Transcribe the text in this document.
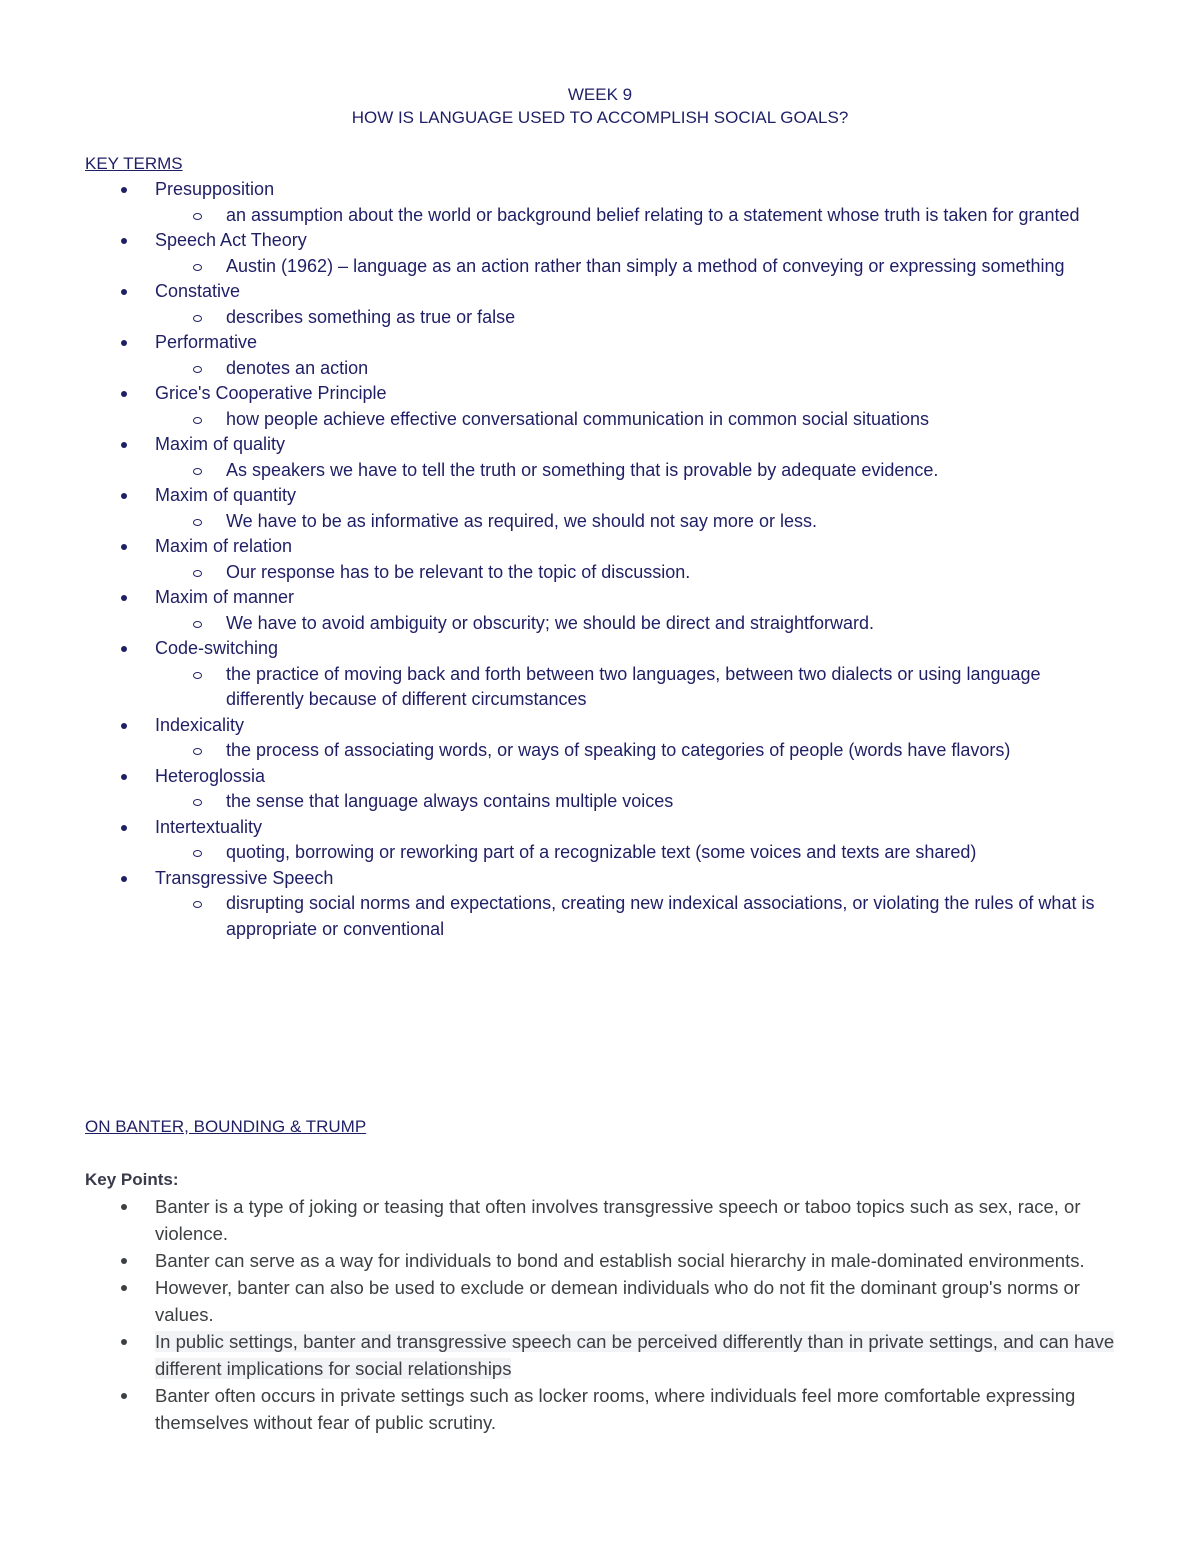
WEEK 9
HOW IS LANGUAGE USED TO ACCOMPLISH SOCIAL GOALS?
KEY TERMS
Presupposition
an assumption about the world or background belief relating to a statement whose truth is taken for granted
Speech Act Theory
Austin (1962) – language as an action rather than simply a method of conveying or expressing something
Constative
describes something as true or false
Performative
denotes an action
Grice's Cooperative Principle
how people achieve effective conversational communication in common social situations
Maxim of quality
As speakers we have to tell the truth or something that is provable by adequate evidence.
Maxim of quantity
We have to be as informative as required, we should not say more or less.
Maxim of relation
Our response has to be relevant to the topic of discussion.
Maxim of manner
We have to avoid ambiguity or obscurity; we should be direct and straightforward.
Code-switching
the practice of moving back and forth between two languages, between two dialects or using language differently because of different circumstances
Indexicality
the process of associating words, or ways of speaking to categories of people (words have flavors)
Heteroglossia
the sense that language always contains multiple voices
Intertextuality
quoting, borrowing or reworking part of a recognizable text (some voices and texts are shared)
Transgressive Speech
disrupting social norms and expectations, creating new indexical associations, or violating the rules of what is appropriate or conventional
ON BANTER, BOUNDING & TRUMP
Key Points:
Banter is a type of joking or teasing that often involves transgressive speech or taboo topics such as sex, race, or violence.
Banter can serve as a way for individuals to bond and establish social hierarchy in male-dominated environments.
However, banter can also be used to exclude or demean individuals who do not fit the dominant group's norms or values.
In public settings, banter and transgressive speech can be perceived differently than in private settings, and can have different implications for social relationships
Banter often occurs in private settings such as locker rooms, where individuals feel more comfortable expressing themselves without fear of public scrutiny.
